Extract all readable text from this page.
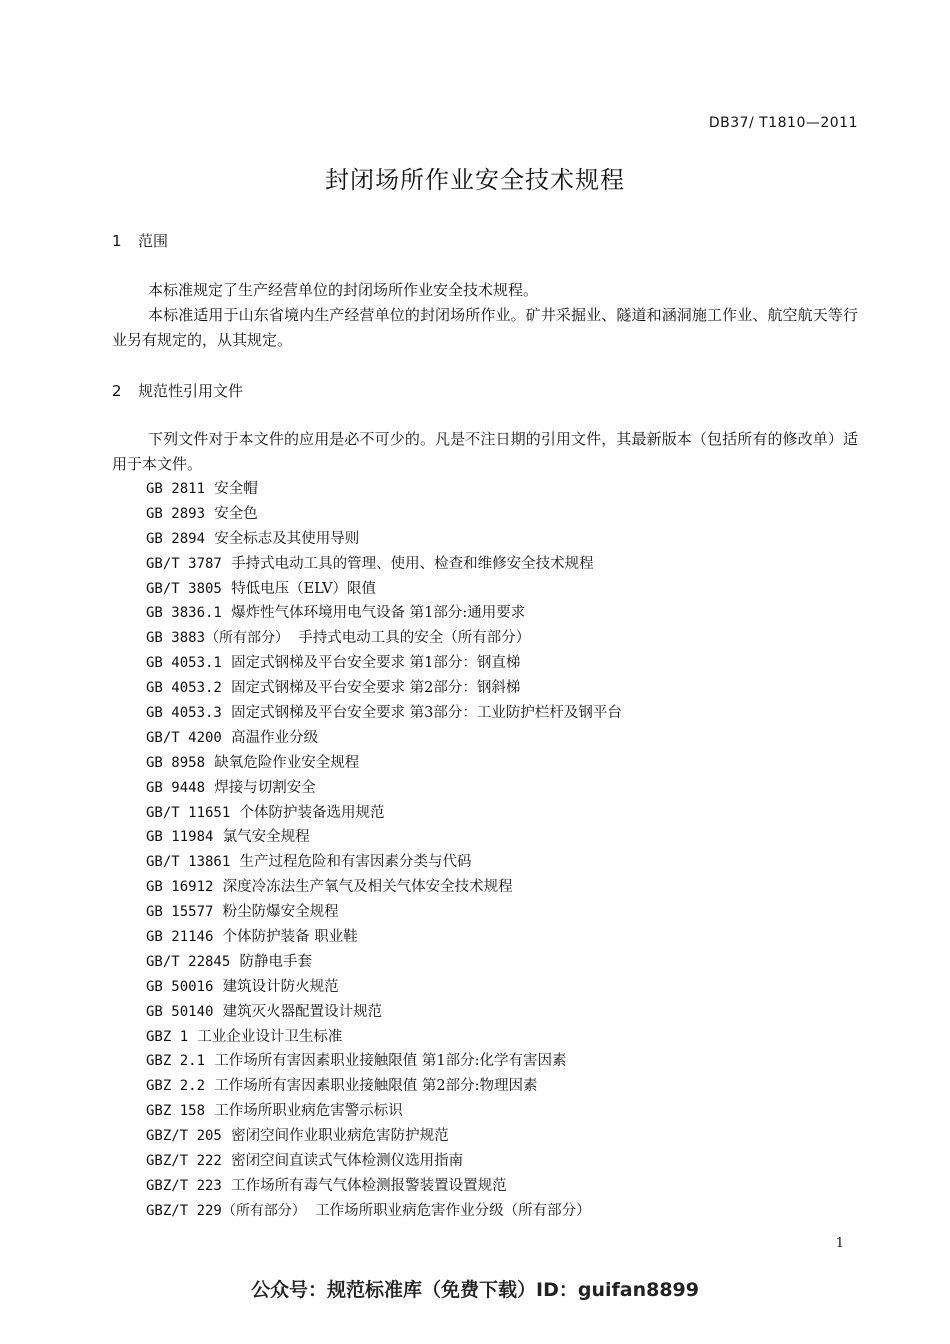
DB37/ T1810—2011
封闭场所作业安全技术规程
1 范围

本标准规定了生产经营单位的封闭场所作业安全技术规程。

本标准适用于山东省境内生产经营单位的封闭场所作业。矿井采掘业、隧道和涵洞施工作业、航空航天等行业另有规定的，从其规定。

2 规范性引用文件

下列文件对于本文件的应用是必不可少的。凡是不注日期的引用文件，其最新版本（包括所有的修改单）适用于本文件。

GB 2811 安全帽
GB 2893 安全色
GB 2894 安全标志及其使用导则
GB/T 3787 手持式电动工具的管理、使用、检查和维修安全技术规程
GB/T 3805 特低电压（ELV）限值
GB 3836.1 爆炸性气体环境用电气设备 第1部分:通用要求
GB 3883（所有部分） 手持式电动工具的安全（所有部分）
GB 4053.1 固定式钢梯及平台安全要求 第1部分：钢直梯
GB 4053.2 固定式钢梯及平台安全要求 第2部分：钢斜梯
GB 4053.3 固定式钢梯及平台安全要求 第3部分：工业防护栏杆及钢平台
GB/T 4200 高温作业分级
GB 8958 缺氧危险作业安全规程
GB 9448 焊接与切割安全
GB/T 11651 个体防护装备选用规范
GB 11984 氯气安全规程
GB/T 13861 生产过程危险和有害因素分类与代码
GB 16912 深度冷冻法生产氧气及相关气体安全技术规程
GB 15577 粉尘防爆安全规程
GB 21146 个体防护装备 职业鞋
GB/T 22845 防静电手套
GB 50016 建筑设计防火规范
GB 50140 建筑灭火器配置设计规范
GBZ 1 工业企业设计卫生标准
GBZ 2.1 工作场所有害因素职业接触限值 第1部分:化学有害因素
GBZ 2.2 工作场所有害因素职业接触限值 第2部分:物理因素
GBZ 158 工作场所职业病危害警示标识
GBZ/T 205 密闭空间作业职业病危害防护规范
GBZ/T 222 密闭空间直读式气体检测仪选用指南
GBZ/T 223 工作场所有毒气气体检测报警装置设置规范
GBZ/T 229（所有部分） 工作场所职业病危害作业分级（所有部分）
1
公众号：规范标准库（免费下载）ID：guifan8899
